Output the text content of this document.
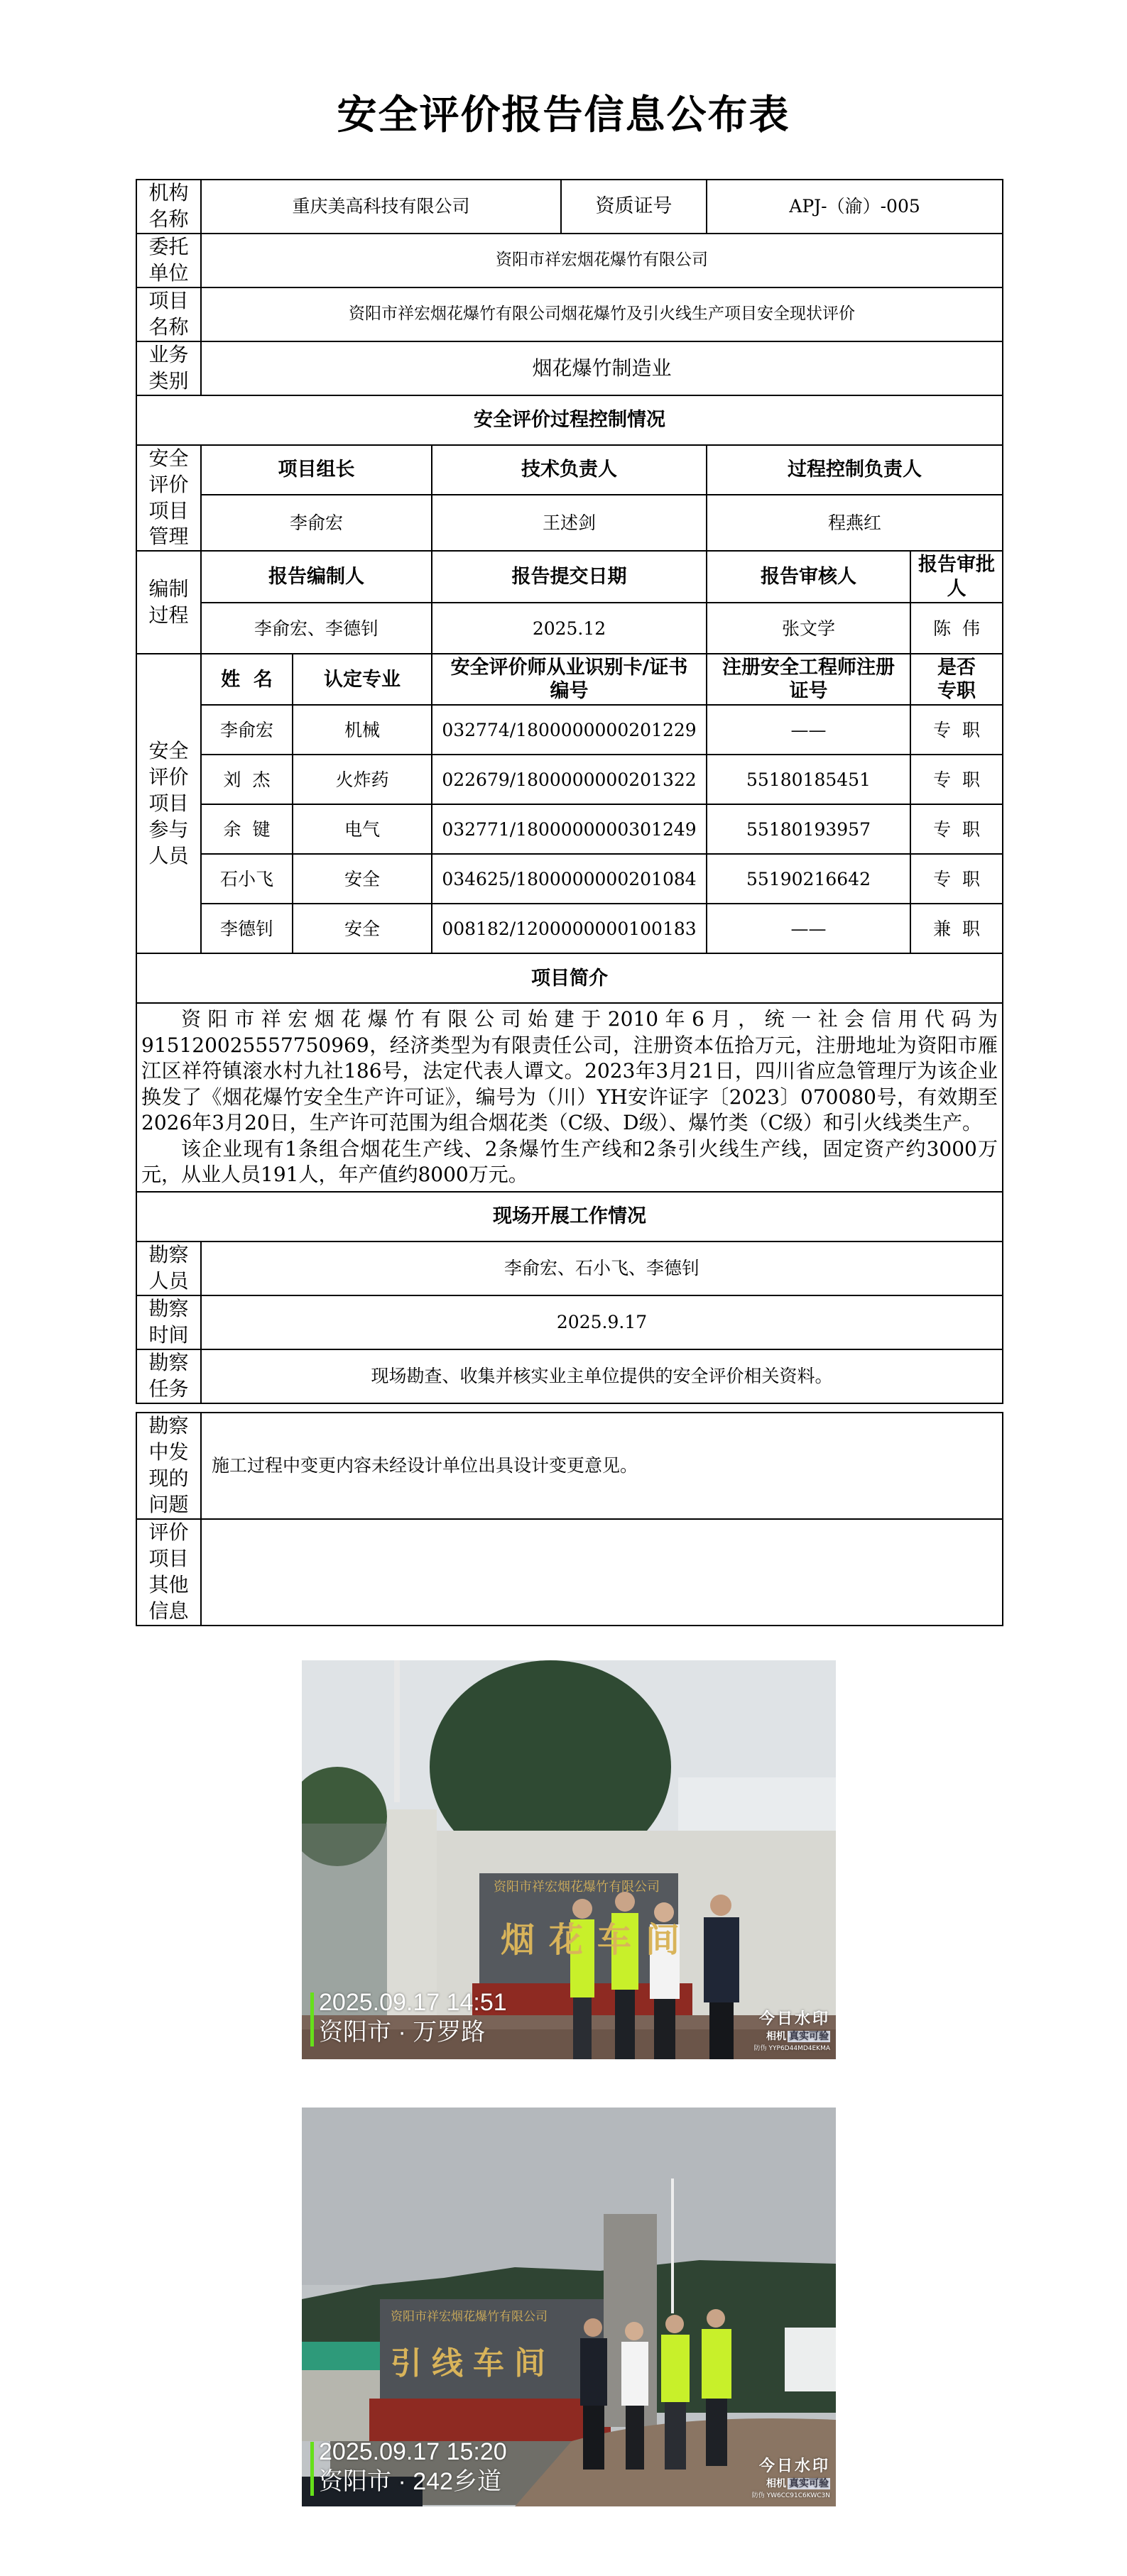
安全评价报告信息公布表
机构名称	重庆美高科技有限公司			资质证号	APJ-（渝）-005	
委托单位	资阳市祥宏烟花爆竹有限公司					
项目名称	资阳市祥宏烟花爆竹有限公司烟花爆竹及引火线生产项目安全现状评价					
业务类别	烟花爆竹制造业					
安全评价过程控制情况						
安全评价项目管理	项目组长		技术负责人		过程控制负责人	
	李俞宏		王述剑		程燕红	
编制过程	报告编制人		报告提交日期		报告审核人	报告审批人
	李俞宏、李德钊		2025.12		张文学	陈  伟
安全评价项目参与人员	姓  名	认定专业	安全评价师从业识别卡/证书编号		注册安全工程师注册证号	是否专职
	李俞宏	机械	032774/1800000000201229		——	专  职
	刘  杰	火炸药	022679/1800000000201322		55180185451	专  职
	余  键	电气	032771/1800000000301249		55180193957	专  职
	石小飞	安全	034625/1800000000201084		55190216642	专  职
	李德钊	安全	008182/1200000000100183		——	兼  职
项目简介						

资阳市祥宏烟花爆竹有限公司始建于2010年6月，统一社会信用代码为915120025557750969，经济类型为有限责任公司，注册资本伍拾万元，注册地址为资阳市雁江区祥符镇滚水村九社186号，法定代表人谭文。2023年3月21日，四川省应急管理厅为该企业换发了《烟花爆竹安全生产许可证》，编号为（川）YH安许证字〔2023〕070080号，有效期至2026年3月20日，生产许可范围为组合烟花类（C级、D级）、爆竹类（C级）和引火线类生产。

该企业现有1条组合烟花生产线、2条爆竹生产线和2条引火线生产线，固定资产约3000万元，从业人员191人，年产值约8000万元。						

现场开展工作情况						
勘察人员	李俞宏、石小飞、李德钊					
勘察时间	2025.9.17					
勘察任务	现场勘查、收集并核实业主单位提供的安全评价相关资料。					
勘察中发现的问题	施工过程中变更内容未经设计单位出具设计变更意见。
评价项目其他信息	
资阳市祥宏烟花爆竹有限公司
烟花车间
2025.09.17 14:51
资阳市 · 万罗路	今日水印
相机 真实可验
防伪 YYP6D44MD4EKMA
资阳市祥宏烟花爆竹有限公司
引线车间
2025.09.17 15:20
资阳市 · 242乡道
今日水印
相机 真实可验
防伪 YW6CC91C6KWC3N
